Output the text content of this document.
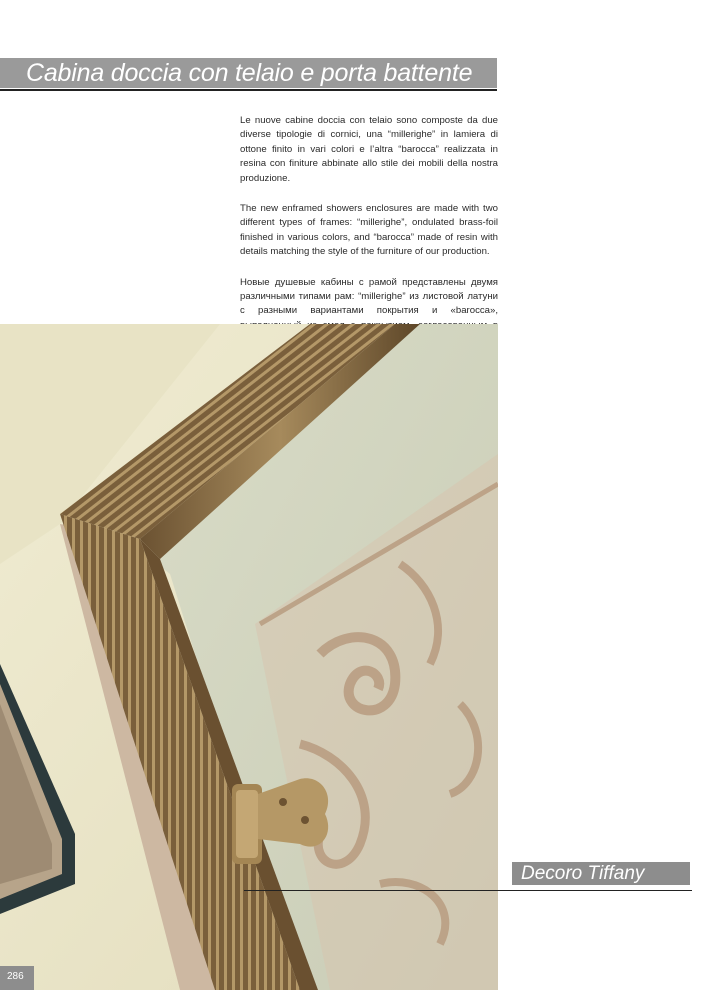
Cabina doccia con telaio e porta battente

Le nuove cabine doccia con telaio sono composte da due diverse tipologie di cornici, una “millerighe” in lamiera di ottone finito in vari colori e l’altra “barocca” realizzata in resina con finiture abbinate allo stile dei mobili della nostra produzione.

The new enframed showers enclosures are made with two different types of frames: “millerighe”, ondulated brass-foil finished in various colors, and “barocca” made of resin with details matching the style of the furniture of our production.

Новые душевые кабины с рамой представлены двумя различными типами рам: “millerighe” из листовой латуни с разными вариантами покрытия и «barocca»,

Decoro Tiffany
286
